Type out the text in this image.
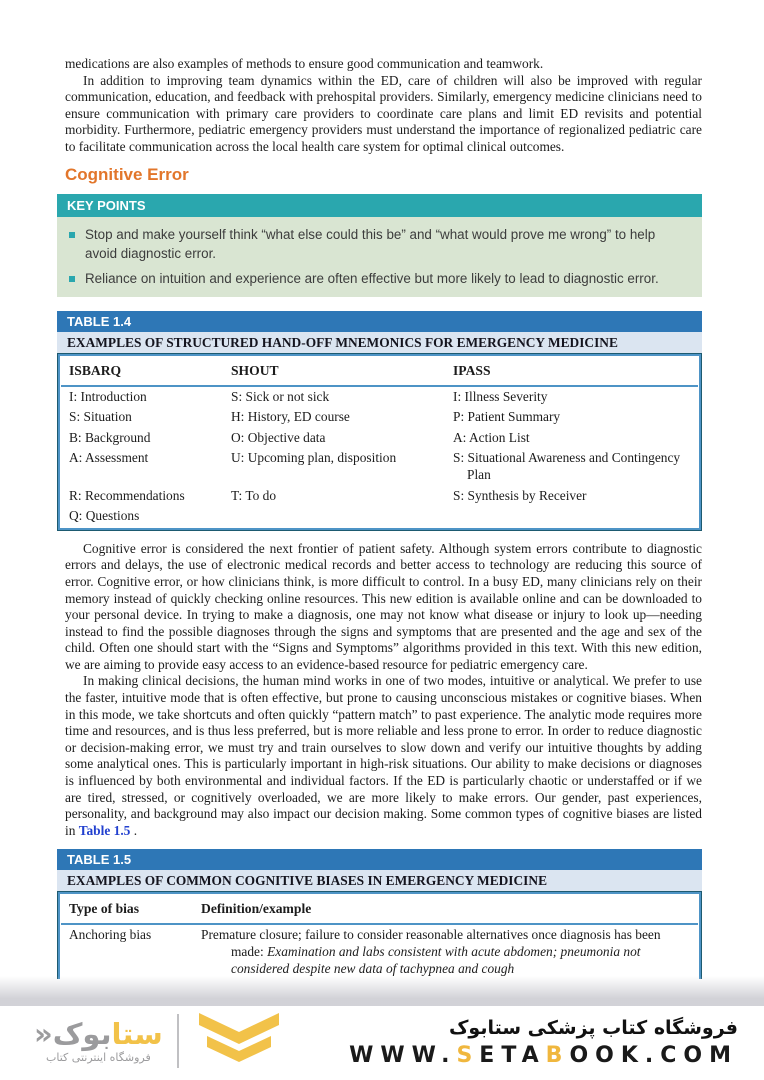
medications are also examples of methods to ensure good communication and teamwork.

In addition to improving team dynamics within the ED, care of children will also be improved with regular communication, education, and feedback with prehospital providers. Similarly, emergency medicine clinicians need to ensure communication with primary care providers to coordinate care plans and limit ED revisits and potential morbidity. Furthermore, pediatric emergency providers must understand the importance of regionalized pediatric care to facilitate communication across the local health care system for optimal clinical outcomes.

Cognitive Error
KEY POINTS
Stop and make yourself think “what else could this be” and “what would prove me wrong” to help avoid diagnostic error.
Reliance on intuition and experience are often effective but more likely to lead to diagnostic error.
TABLE 1.4
EXAMPLES OF STRUCTURED HAND-OFF MNEMONICS FOR EMERGENCY MEDICINE
ISBARQ	SHOUT	IPASS
I: Introduction	S: Sick or not sick	I: Illness Severity
S: Situation	H: History, ED course	P: Patient Summary
B: Background	O: Objective data	A: Action List
A: Assessment	U: Upcoming plan, disposition	S: Situational Awareness and Contingency Plan
R: Recommendations	T: To do	S: Synthesis by Receiver
Q: Questions

Cognitive error is considered the next frontier of patient safety. Although system errors contribute to diagnostic errors and delays, the use of electronic medical records and better access to technology are reducing this source of error. Cognitive error, or how clinicians think, is more difficult to control. In a busy ED, many clinicians rely on their memory instead of quickly checking online resources. This new edition is available online and can be downloaded to your personal device. In trying to make a diagnosis, one may not know what disease or injury to look up—needing instead to find the possible diagnoses through the signs and symptoms that are presented and the age and sex of the child. Often one should start with the “Signs and Symptoms” algorithms provided in this text. With this new edition, we are aiming to provide easy access to an evidence-based resource for pediatric emergency care.

In making clinical decisions, the human mind works in one of two modes, intuitive or analytical. We prefer to use the faster, intuitive mode that is often effective, but prone to causing unconscious mistakes or cognitive biases. When in this mode, we take shortcuts and often quickly “pattern match” to past experience. The analytic mode requires more time and resources, and is thus less preferred, but is more reliable and less prone to error. In order to reduce diagnostic or decision-making error, we must try and train ourselves to slow down and verify our intuitive thoughts by adding some analytical ones. This is particularly important in high-risk situations. Our ability to make decisions or diagnoses is influenced by both environmental and individual factors. If the ED is particularly chaotic or understaffed or if we are tired, stressed, or cognitively overloaded, we are more likely to make errors. Our gender, past experiences, personality, and background may also impact our decision making. Some common types of cognitive biases are listed in Table 1.5 .

TABLE 1.5
EXAMPLES OF COMMON COGNITIVE BIASES IN EMERGENCY MEDICINE
Type of bias	Definition/example
Anchoring bias	Premature closure; failure to consider reasonable alternatives once diagnosis has been made: Examination and labs consistent with acute abdomen; pneumonia not considered despite new data of tachypnea and cough
ستابوک«
فروشگاه اینترنتی کتاب
فروشگاه کتاب پزشکی ستابوک
WWW.SETABOOK.COM
